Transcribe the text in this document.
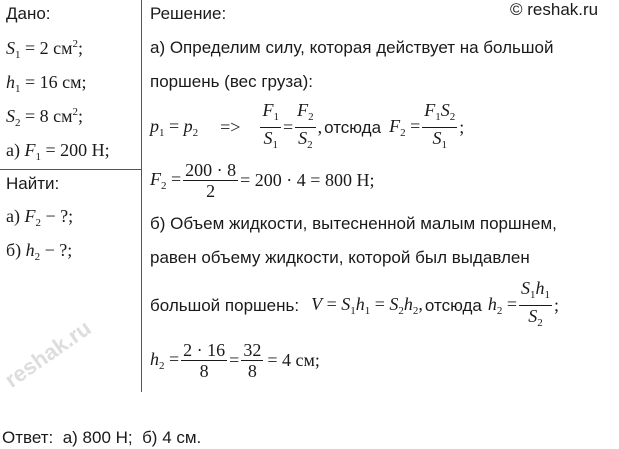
reshak.ru
© reshak.ru
Дано:
$S_1 = 2$ $см^2$;
$h_1 = 16$ см;
$S_2 = 8$ $см^2$;
а) $F_1 = 200$ Н;
Найти:
а) $F_2$ − ?;
б) $h_2$ − ?;
Решение:
а) Определим силу, которая действует на большой
поршень (вес груза):
$p_1 = p_2 => \frac{F_1}{S_1} = \frac{F_2}{S_2}$ , отсюда $F_2 = \frac{F_1S_2}{S_1}$ ;
$F_2 = \frac{200 \cdot 8}{2} = 200 \cdot 4 = 800$ Н;
б) Объем жидкости, вытесненной малым поршнем,
равен объему жидкости, которой был выдавлен
большой поршень: $V = S_1h_1 = S_2h_2$, отсюда $h_2 = \frac{S_1h_1}{S_2}$ ;
$h_2 = \frac{2 \cdot 16}{8} = \frac{32}{8} = 4$ см;
Ответ:  а) 800 Н;  б) 4 см.
